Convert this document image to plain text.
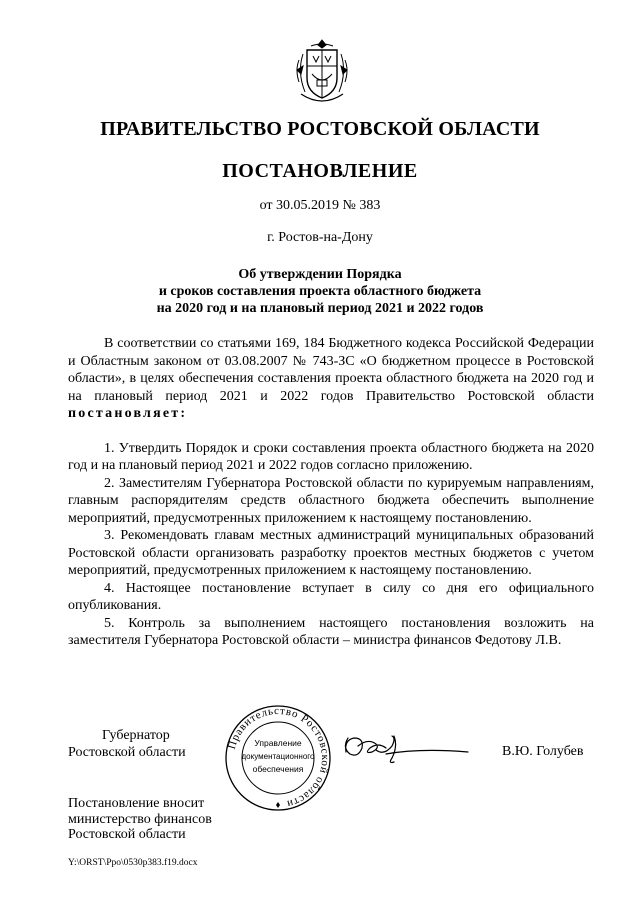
ПРАВИТЕЛЬСТВО РОСТОВСКОЙ ОБЛАСТИ
ПОСТАНОВЛЕНИЕ
от 30.05.2019 № 383
г. Ростов-на-Дону
Об утверждении Порядка
и сроков составления проекта областного бюджета
на 2020 год и на плановый период 2021 и 2022 годов

В соответствии со статьями 169, 184 Бюджетного кодекса Российской Федерации и Областным законом от 03.08.2007 № 743-ЗС «О бюджетном процессе в Ростовской области», в целях обеспечения составления проекта областного бюджета на 2020 год и на плановый период 2021 и 2022 годов Правительство Ростовской области постановляет:

1. Утвердить Порядок и сроки составления проекта областного бюджета на 2020 год и на плановый период 2021 и 2022 годов согласно приложению.

2. Заместителям Губернатора Ростовской области по курируемым направлениям, главным распорядителям средств областного бюджета обеспечить выполнение мероприятий, предусмотренных приложением к настоящему постановлению.

3. Рекомендовать главам местных администраций муниципальных образований Ростовской области организовать разработку проектов местных бюджетов с учетом мероприятий, предусмотренных приложением к настоящему постановлению.

4. Настоящее постановление вступает в силу со дня его официального опубликования.

5. Контроль за выполнением настоящего постановления возложить на заместителя Губернатора Ростовской области – министра финансов Федотову Л.В.

Губернатор
Ростовской области
Правительство Ростовской области
Управление
документационного
обеспечения
В.Ю. Голубев
Постановление вносит
министерство финансов
Ростовской области
Y:\ORST\Ppo\0530p383.f19.docx
